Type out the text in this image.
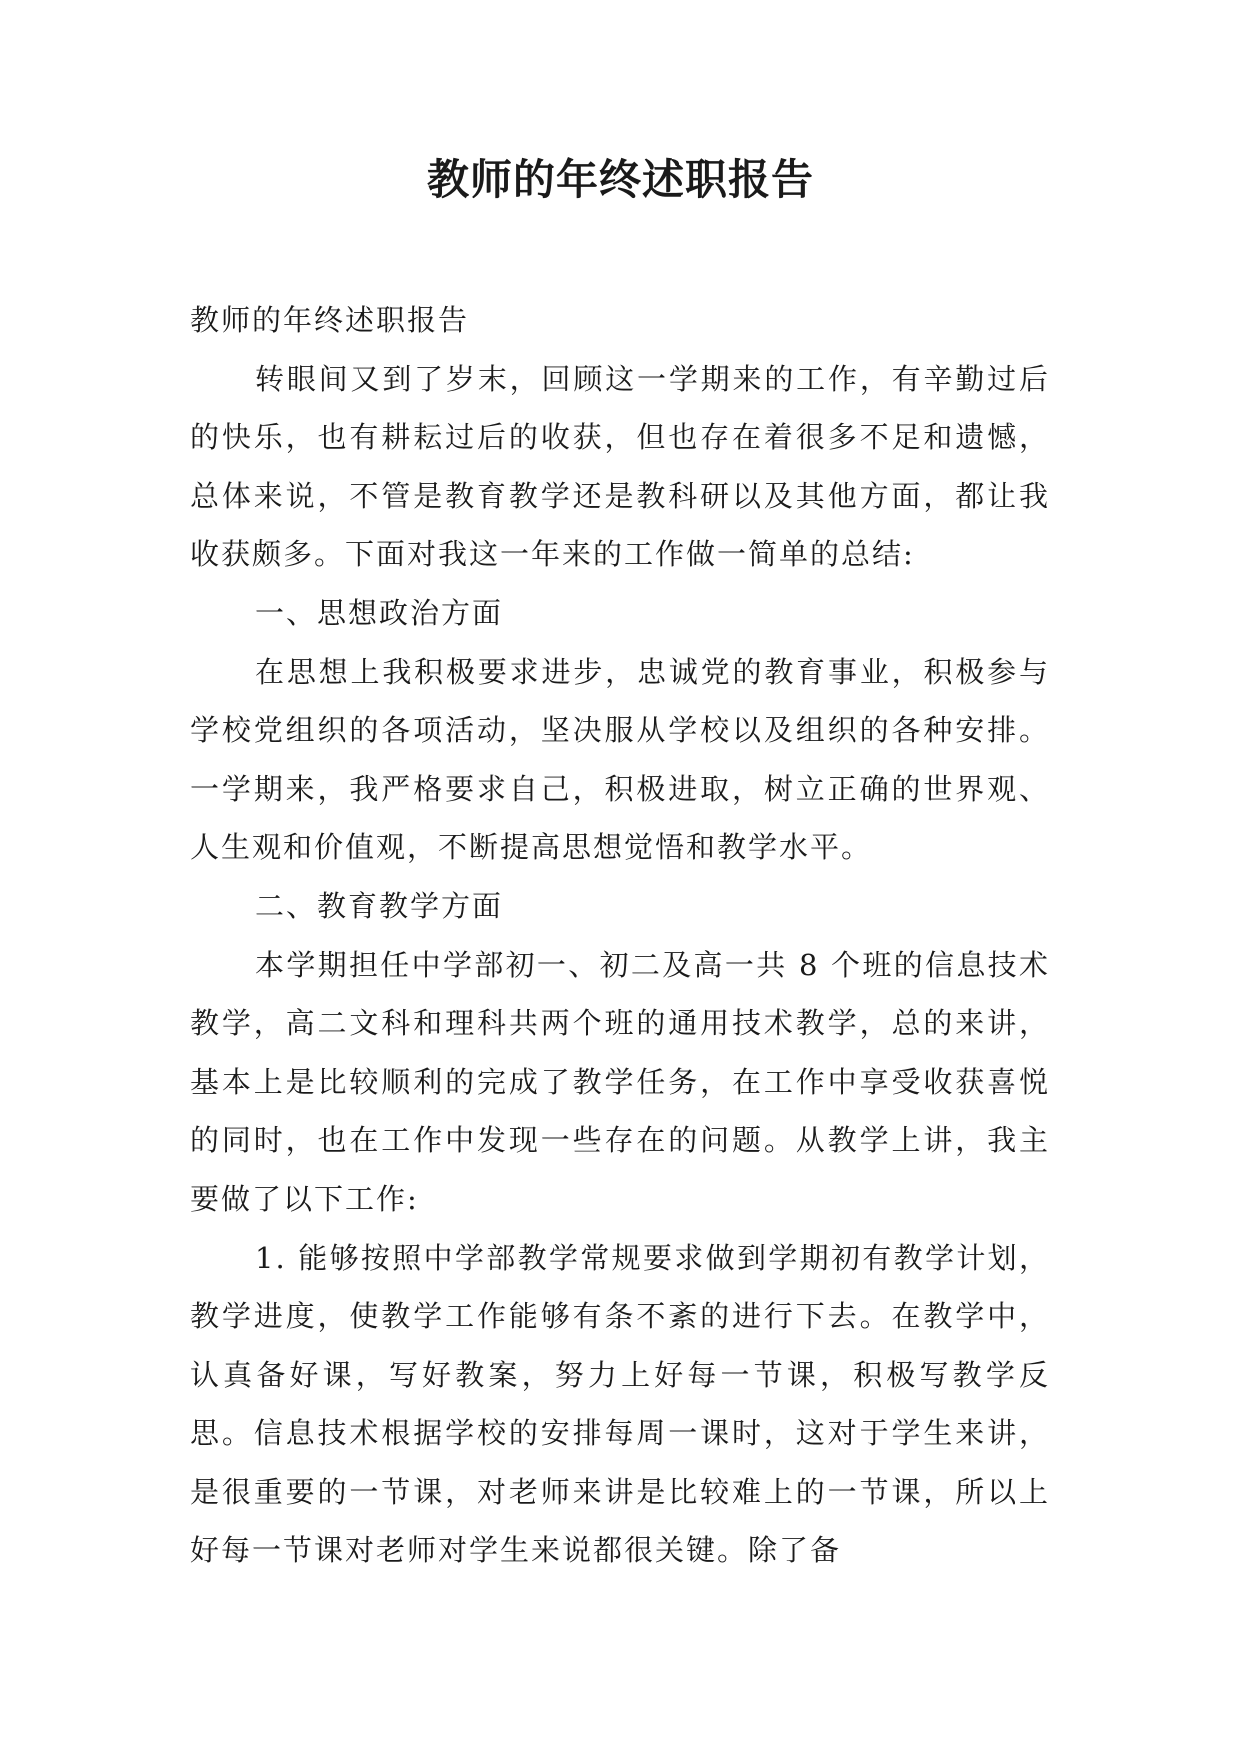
教师的年终述职报告

教师的年终述职报告

转眼间又到了岁末，回顾这一学期来的工作，有辛勤过后的快乐，也有耕耘过后的收获，但也存在着很多不足和遗憾，总体来说，不管是教育教学还是教科研以及其他方面，都让我收获颇多。下面对我这一年来的工作做一简单的总结:

一、思想政治方面

在思想上我积极要求进步，忠诚党的教育事业，积极参与学校党组织的各项活动，坚决服从学校以及组织的各种安排。一学期来，我严格要求自己，积极进取，树立正确的世界观、人生观和价值观，不断提高思想觉悟和教学水平。

二、教育教学方面

本学期担任中学部初一、初二及高一共 8 个班的信息技术教学，高二文科和理科共两个班的通用技术教学，总的来讲，基本上是比较顺利的完成了教学任务，在工作中享受收获喜悦的同时，也在工作中发现一些存在的问题。从教学上讲，我主要做了以下工作:

1. 能够按照中学部教学常规要求做到学期初有教学计划，教学进度，使教学工作能够有条不紊的进行下去。在教学中，认真备好课，写好教案，努力上好每一节课，积极写教学反思。信息技术根据学校的安排每周一课时，这对于学生来讲，是很重要的一节课，对老师来讲是比较难上的一节课，所以上好每一节课对老师对学生来说都很关键。除了备
